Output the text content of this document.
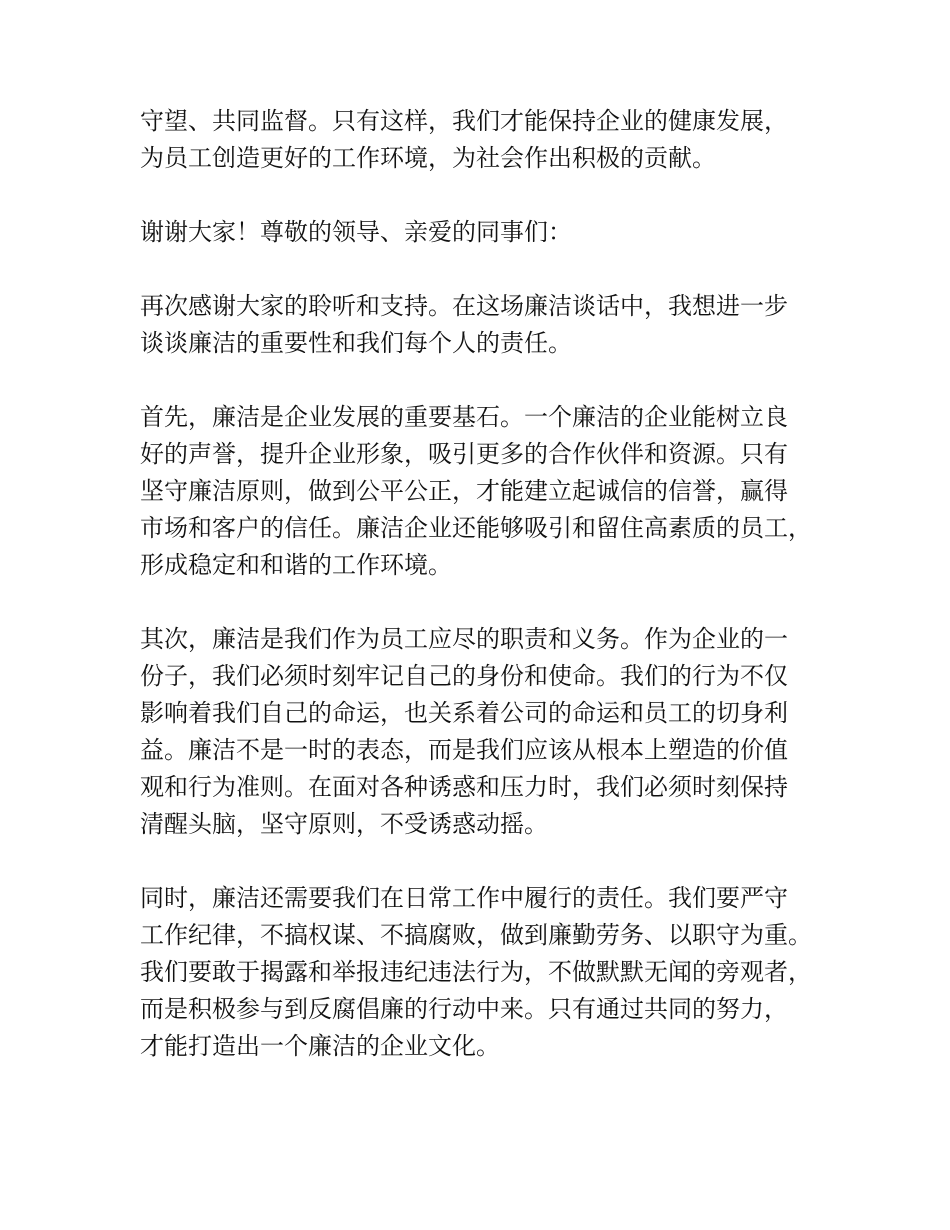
守望、共同监督。只有这样，我们才能保持企业的健康发展，
为员工创造更好的工作环境，为社会作出积极的贡献。
谢谢大家！尊敬的领导、亲爱的同事们：
再次感谢大家的聆听和支持。在这场廉洁谈话中，我想进一步
谈谈廉洁的重要性和我们每个人的责任。
首先，廉洁是企业发展的重要基石。一个廉洁的企业能树立良
好的声誉，提升企业形象，吸引更多的合作伙伴和资源。只有
坚守廉洁原则，做到公平公正，才能建立起诚信的信誉，赢得
市场和客户的信任。廉洁企业还能够吸引和留住高素质的员工，
形成稳定和和谐的工作环境。
其次，廉洁是我们作为员工应尽的职责和义务。作为企业的一
份子，我们必须时刻牢记自己的身份和使命。我们的行为不仅
影响着我们自己的命运，也关系着公司的命运和员工的切身利
益。廉洁不是一时的表态，而是我们应该从根本上塑造的价值
观和行为准则。在面对各种诱惑和压力时，我们必须时刻保持
清醒头脑，坚守原则，不受诱惑动摇。
同时，廉洁还需要我们在日常工作中履行的责任。我们要严守
工作纪律，不搞权谋、不搞腐败，做到廉勤劳务、以职守为重。
我们要敢于揭露和举报违纪违法行为，不做默默无闻的旁观者，
而是积极参与到反腐倡廉的行动中来。只有通过共同的努力，
才能打造出一个廉洁的企业文化。
